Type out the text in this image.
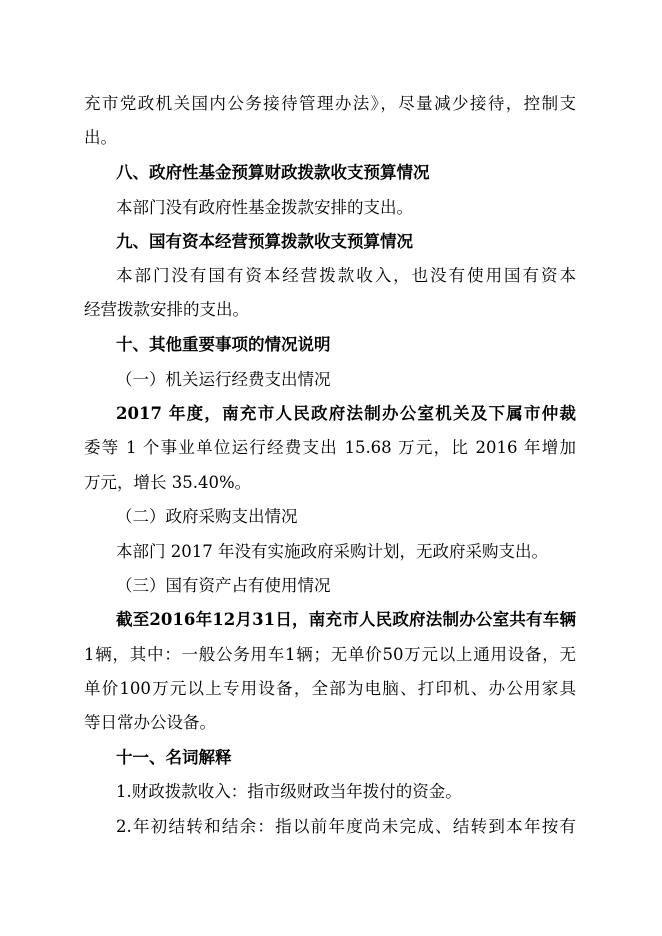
充市党政机关国内公务接待管理办法》，尽量减少接待，控制支
出。
八、政府性基金预算财政拨款收支预算情况
本部门没有政府性基金拨款安排的支出。
九、国有资本经营预算拨款收支预算情况
本部门没有国有资本经营拨款收入，也没有使用国有资本
经营拨款安排的支出。
十、其他重要事项的情况说明
（一）机关运行经费支出情况
2017 年度，南充市人民政府法制办公室机关及下属市仲裁
委等 1 个事业单位运行经费支出 15.68 万元，比 2016 年增加
万元，增长 35.40%。
（二）政府采购支出情况
本部门 2017 年没有实施政府采购计划，无政府采购支出。
（三）国有资产占有使用情况
截至2016年12月31日，南充市人民政府法制办公室共有车辆
1辆，其中：一般公务用车1辆；无单价50万元以上通用设备，无
单价100万元以上专用设备，全部为电脑、打印机、办公用家具
等日常办公设备。
十一、名词解释
1.财政拨款收入：指市级财政当年拨付的资金。
2.年初结转和结余：指以前年度尚未完成、结转到本年按有
